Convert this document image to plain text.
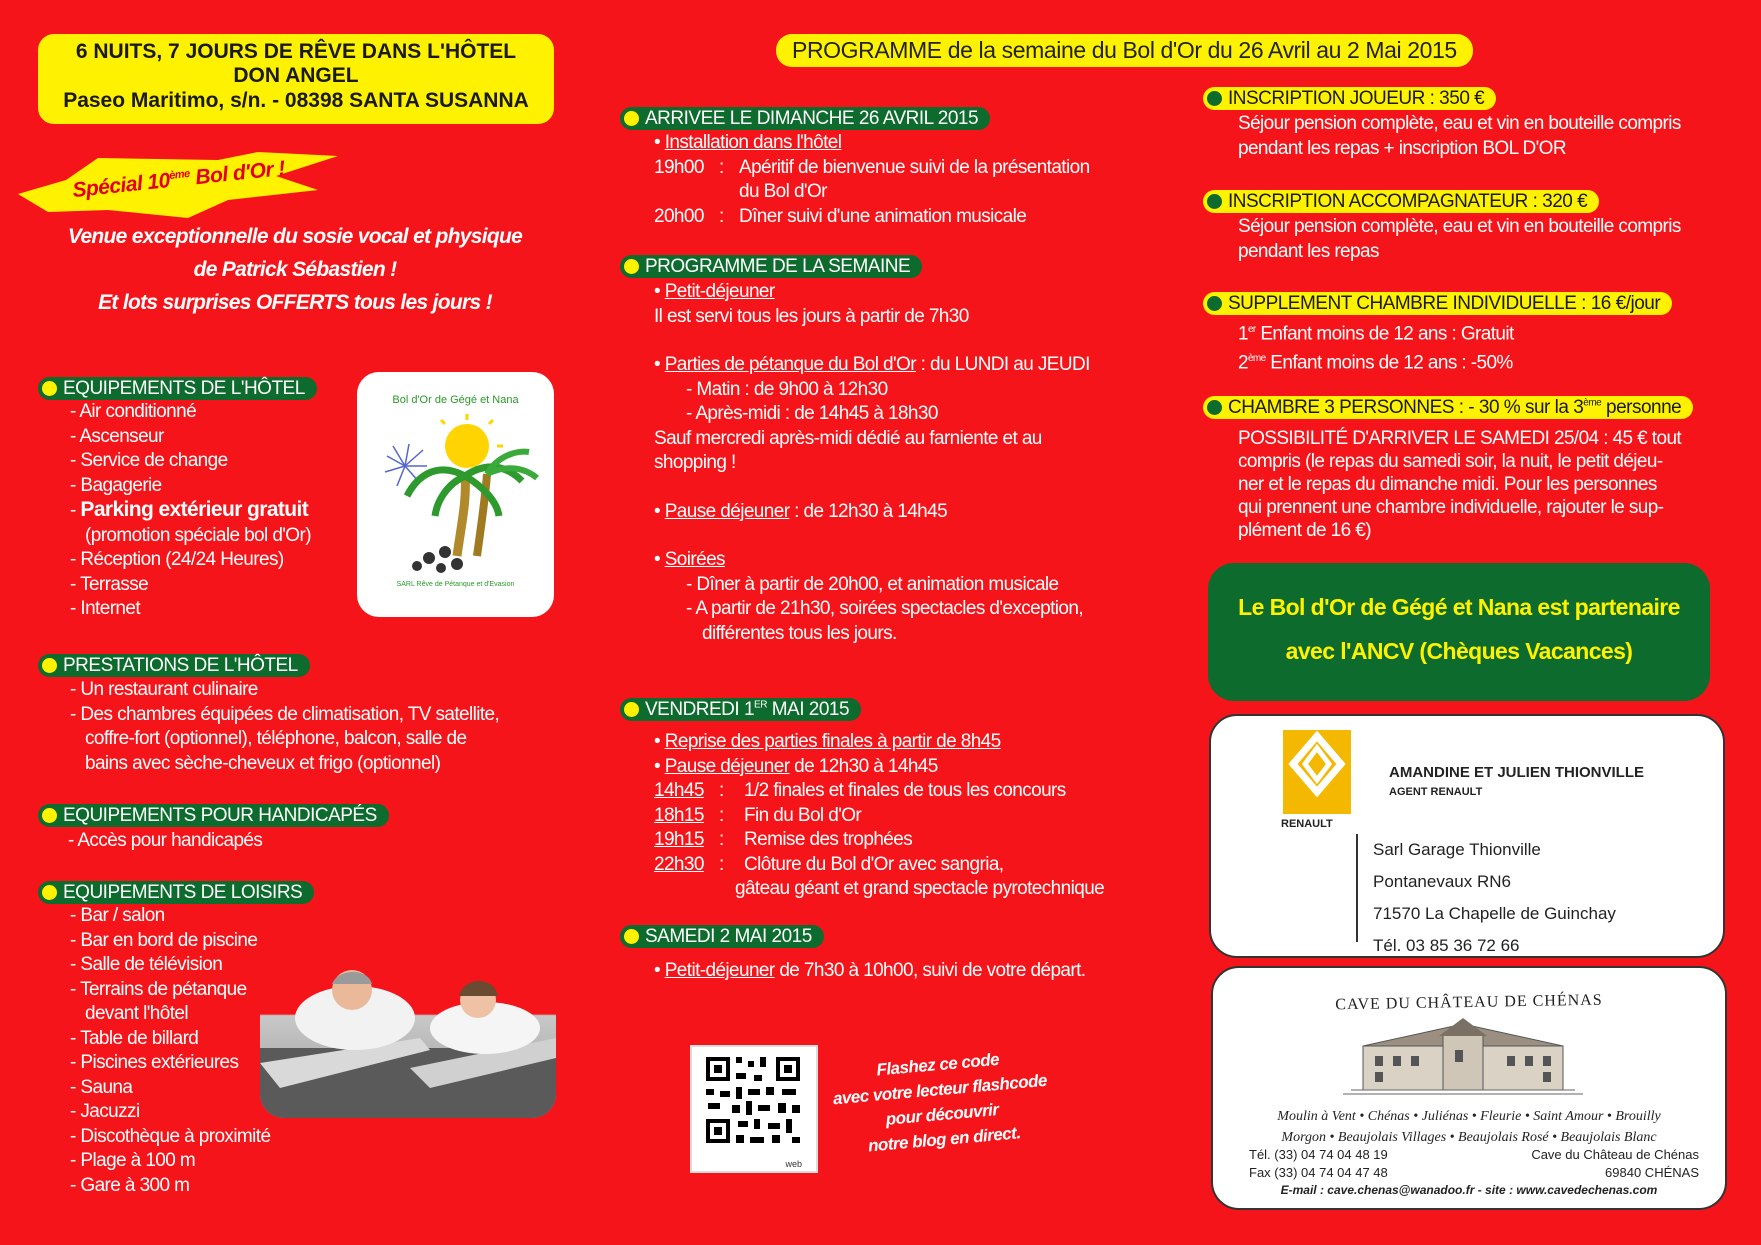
6 NUITS, 7 JOURS DE RÊVE DANS L'HÔTEL
DON ANGEL
Paseo Maritimo, s/n. - 08398 SANTA SUSANNA
Spécial 10ème Bol d'Or !
Venue exceptionnelle du sosie vocal et physique
de Patrick Sébastien !
Et lots surprises OFFERTS tous les jours !
Bol d'Or de Gégé et Nana
SARL Rêve de Pétanque et d'Evasion
EQUIPEMENTS DE L'HÔTEL
- Air conditionné
- Ascenseur
- Service de change
- Bagagerie
- Parking extérieur gratuit
(promotion spéciale bol d'Or)
- Réception (24/24 Heures)
- Terrasse
- Internet
PRESTATIONS DE L'HÔTEL
- Un restaurant culinaire
- Des chambres équipées de climatisation, TV satellite,
coffre-fort (optionnel), téléphone, balcon, salle de
bains avec sèche-cheveux et frigo (optionnel)
EQUIPEMENTS POUR HANDICAPÉS
- Accès pour handicapés
EQUIPEMENTS DE LOISIRS
- Bar / salon
- Bar en bord de piscine
- Salle de télévision
- Terrains de pétanque
devant l'hôtel
- Table de billard
- Piscines extérieures
- Sauna
- Jacuzzi
- Discothèque à proximité
- Plage à 100 m
- Gare à 300 m
PROGRAMME de la semaine du Bol d'Or du 26 Avril au 2 Mai 2015
ARRIVEE LE DIMANCHE 26 AVRIL 2015
• Installation dans l'hôtel
19h00 : Apéritif de bienvenue suivi de la présentation
du Bol d'Or
20h00 : Dîner suivi d'une animation musicale
PROGRAMME DE LA SEMAINE
• Petit-déjeuner
Il est servi tous les jours à partir de 7h30
• Parties de pétanque du Bol d'Or : du LUNDI au JEUDI
- Matin : de 9h00 à 12h30
- Après-midi : de 14h45 à 18h30
Sauf mercredi après-midi dédié au farniente et au
shopping !
• Pause déjeuner : de 12h30 à 14h45
• Soirées
- Dîner à partir de 20h00, et animation musicale
- A partir de 21h30, soirées spectacles d'exception,
différentes tous les jours.
VENDREDI 1ER MAI 2015
• Reprise des parties finales à partir de 8h45
• Pause déjeuner de 12h30 à 14h45
14h45 :	1/2 finales et finales de tous les concours
18h15 :	Fin du Bol d'Or
19h15 :	Remise des trophées
22h30 :	Clôture du Bol d'Or avec sangria,
gâteau géant et grand spectacle pyrotechnique
SAMEDI 2 MAI 2015
• Petit-déjeuner de 7h30 à 10h00, suivi de votre départ.
web
Flashez ce code
avec votre lecteur flashcode
pour découvrir
notre blog en direct.
INSCRIPTION JOUEUR : 350 €
Séjour pension complète, eau et vin en bouteille compris
pendant les repas + inscription BOL D'OR
INSCRIPTION ACCOMPAGNATEUR : 320 €
Séjour pension complète, eau et vin en bouteille compris
pendant les repas
SUPPLEMENT CHAMBRE INDIVIDUELLE : 16 €/jour
1er Enfant moins de 12 ans : Gratuit
2ème Enfant moins de 12 ans : -50%
CHAMBRE 3 PERSONNES : - 30 % sur la 3ème personne
POSSIBILITÉ D'ARRIVER LE SAMEDI 25/04 : 45 € tout
compris (le repas du samedi soir, la nuit, le petit déjeu-
ner et le repas du dimanche midi. Pour les personnes
qui prennent une chambre individuelle, rajouter le sup-
plément de 16 €)
Le Bol d'Or de Gégé et Nana est partenaire
avec l'ANCV (Chèques Vacances)
RENAULT
AMANDINE ET JULIEN THIONVILLE
AGENT RENAULT
Sarl Garage Thionville
Pontanevaux RN6
71570 La Chapelle de Guinchay
Tél. 03 85 36 72 66
CAVE DU CHÂTEAU DE CHÉNAS
Moulin à Vent • Chénas • Juliénas • Fleurie • Saint Amour • Brouilly
Morgon • Beaujolais Villages • Beaujolais Rosé • Beaujolais Blanc
Tél. (33) 04 74 04 48 19
Fax (33) 04 74 04 47 48
Cave du Château de Chénas
69840 CHÉNAS
E-mail : cave.chenas@wanadoo.fr - site : www.cavedechenas.com
